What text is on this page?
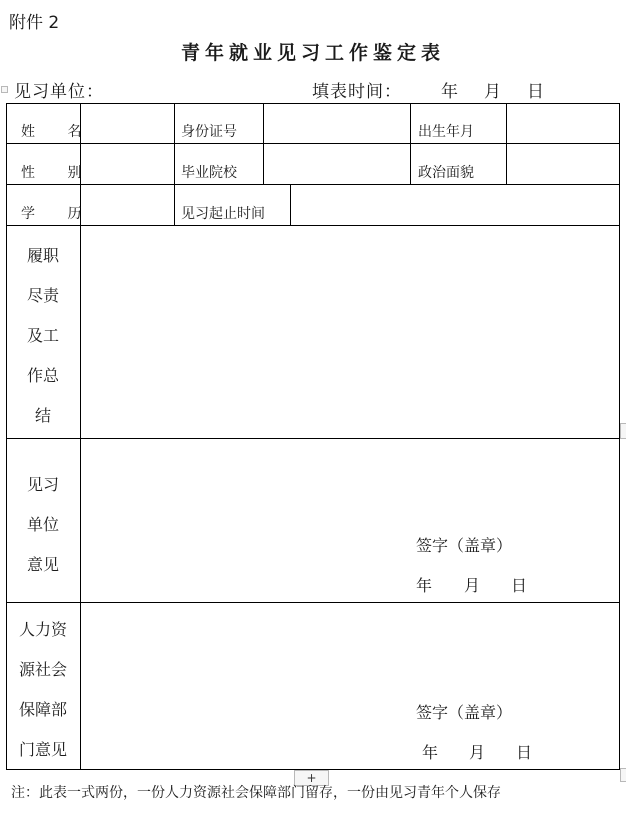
附件 2
青年就业见习工作鉴定表
见习单位：	填表时间： 年 月 日
姓 名	身份证号	出生年月
性 别	毕业院校	政治面貌
学 历	见习起止时间
履职
尽责
及工
作总
结
见习
单位
意见
签字（盖章）
年 月 日
人力资
源社会
保障部
门意见
签字（盖章）
年 月 日
+
注：此表一式两份，一份人力资源社会保障部门留存，一份由见习青年个人保存
